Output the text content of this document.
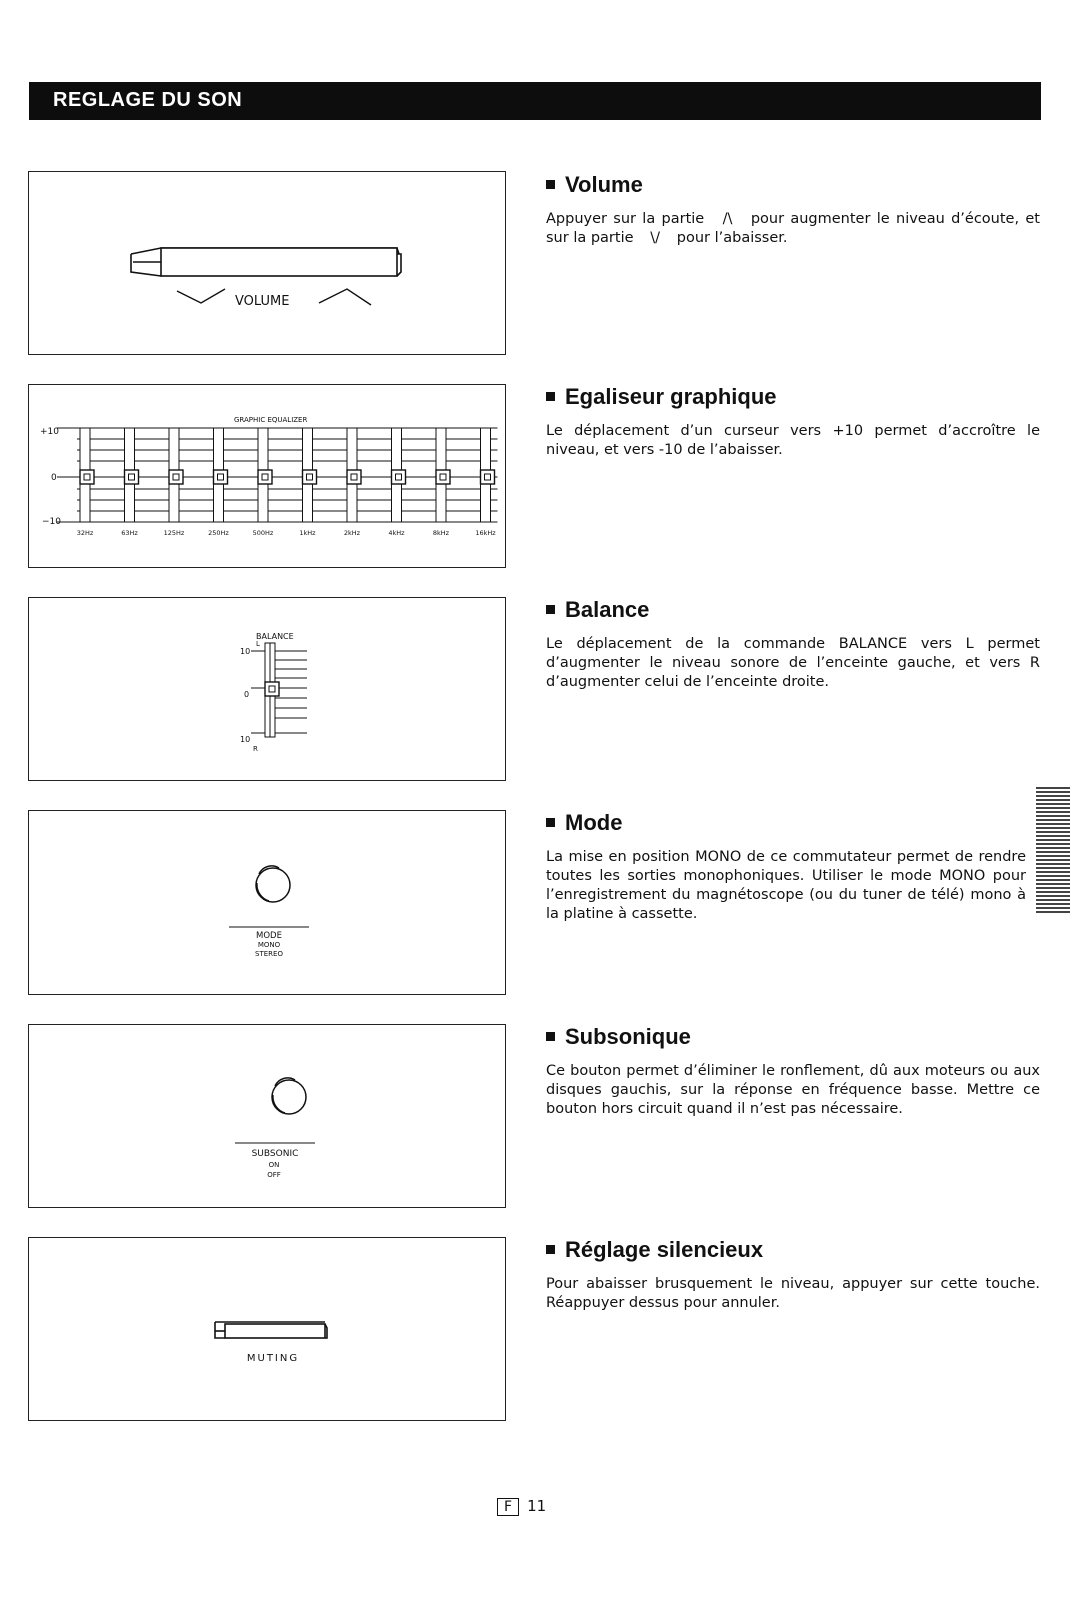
REGLAGE DU SON
VOLUME
Volume

Appuyer sur la partie /\ pour augmenter le niveau d’écoute, et sur la partie \/ pour l’abaisser.

GRAPHIC EQUALIZER
+10
0
−10
32Hz	63Hz	125Hz	250Hz	500Hz	1kHz	2kHz	4kHz	8kHz	16kHz
Egaliseur graphique

Le déplacement d’un curseur vers +10 permet d’accroître le niveau, et vers -10 de l’abaisser.

BALANCE
L
10
0
10
R
Balance

Le déplacement de la commande BALANCE vers L permet d’augmenter le niveau sonore de l’enceinte gauche, et vers R d’augmenter celui de l’enceinte droite.

MODE
MONO
STEREO
Mode

La mise en position MONO de ce commutateur permet de rendre toutes les sorties monophoniques. Utiliser le mode MONO pour l’enregistrement du magnétoscope (ou du tuner de télé) mono à la platine à cassette.

SUBSONIC
ON
OFF
Subsonique

Ce bouton permet d’éliminer le ronflement, dû aux moteurs ou aux disques gauchis, sur la réponse en fréquence basse. Mettre ce bouton hors circuit quand il n’est pas nécessaire.

MUTING
Réglage silencieux

Pour abaisser brusquement le niveau, appuyer sur cette touche. Réappuyer dessus pour annuler.

F 11
